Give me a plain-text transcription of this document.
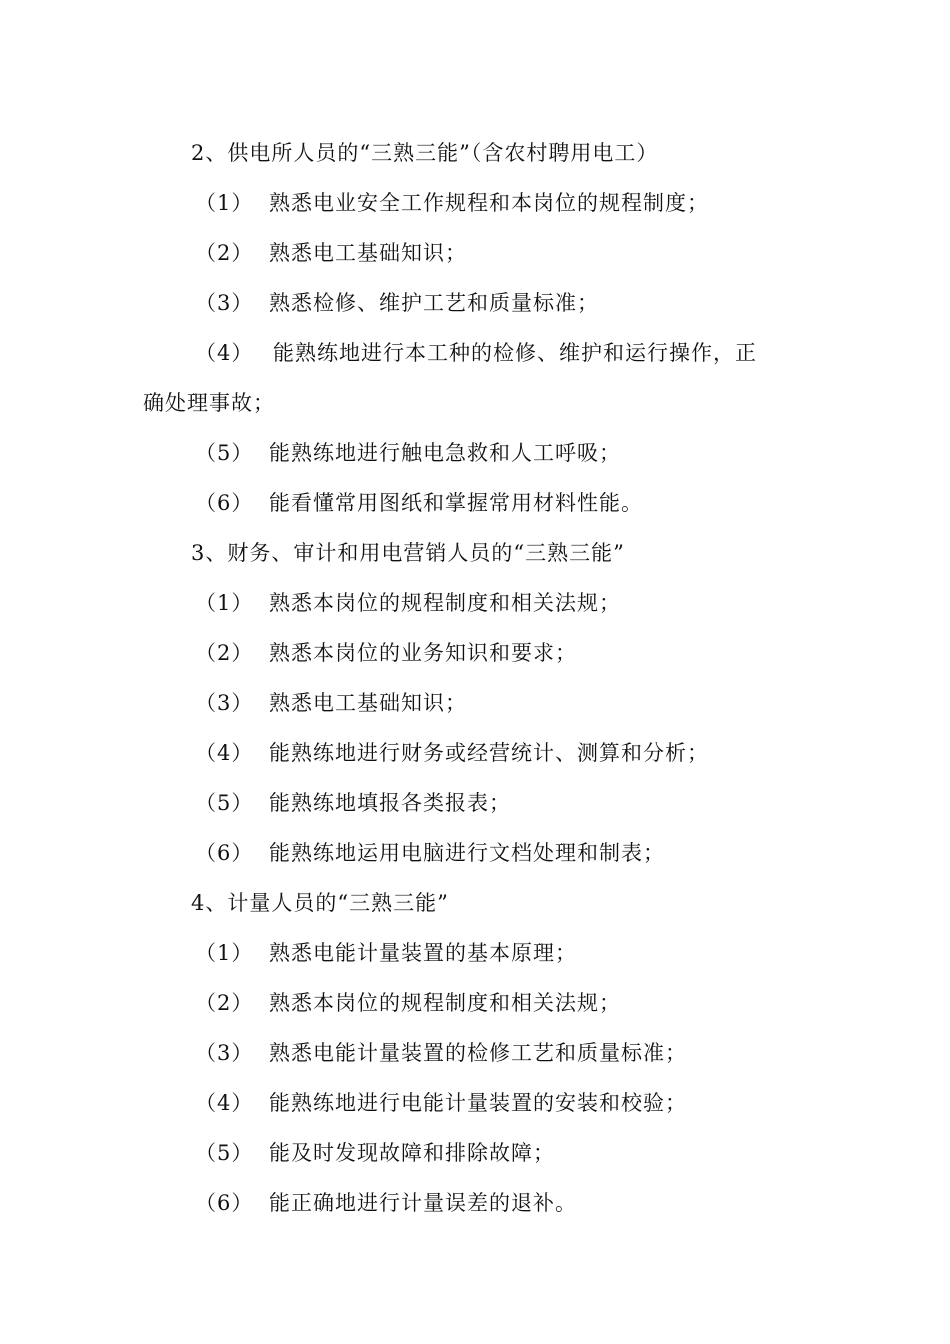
2、供电所人员的“三熟三能”（含农村聘用电工）
（1） 熟悉电业安全工作规程和本岗位的规程制度；
（2） 熟悉电工基础知识；
（3） 熟悉检修、维护工艺和质量标准；
（4） 能熟练地进行本工种的检修、维护和运行操作，正
确处理事故；
（5） 能熟练地进行触电急救和人工呼吸；
（6） 能看懂常用图纸和掌握常用材料性能。
3、财务、审计和用电营销人员的“三熟三能”
（1） 熟悉本岗位的规程制度和相关法规；
（2） 熟悉本岗位的业务知识和要求；
（3） 熟悉电工基础知识；
（4） 能熟练地进行财务或经营统计、测算和分析；
（5） 能熟练地填报各类报表；
（6） 能熟练地运用电脑进行文档处理和制表；
4、计量人员的“三熟三能”
（1） 熟悉电能计量装置的基本原理；
（2） 熟悉本岗位的规程制度和相关法规；
（3） 熟悉电能计量装置的检修工艺和质量标准；
（4） 能熟练地进行电能计量装置的安装和校验；
（5） 能及时发现故障和排除故障；
（6） 能正确地进行计量误差的退补。
